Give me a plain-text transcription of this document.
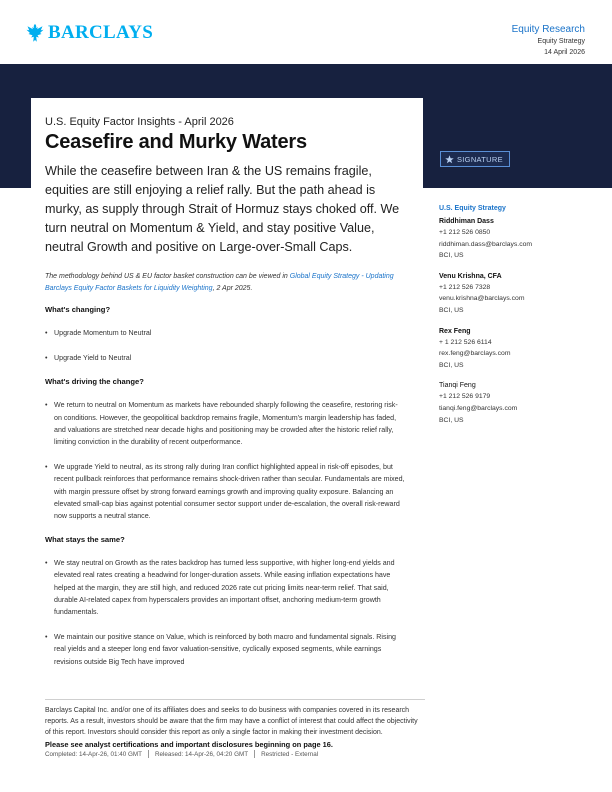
BARCLAYS	Equity Research
Equity Strategy
14 April 2026
U.S. Equity Factor Insights - April 2026
Ceasefire and Murky Waters
While the ceasefire between Iran & the US remains fragile, equities are still enjoying a relief rally. But the path ahead is murky, as supply through Strait of Hormuz stays choked off. We turn neutral on Momentum & Yield, and stay positive Value, neutral Growth and positive on Large-over-Small Caps.
SIGNATURE
U.S. Equity Strategy
Riddhiman Dass
+1 212 526 0850
riddhiman.dass@barclays.com
BCI, US
Venu Krishna, CFA
+1 212 526 7328
venu.krishna@barclays.com
BCI, US
Rex Feng
+ 1 212 526 6114
rex.feng@barclays.com
BCI, US
Tianqi Feng
+1 212 526 9179
tianqi.feng@barclays.com
BCI, US
The methodology behind US & EU factor basket construction can be viewed in Global Equity Strategy - Updating Barclays Equity Factor Baskets for Liquidity Weighting, 2 Apr 2025.
What's changing?
• Upgrade Momentum to Neutral
• Upgrade Yield to Neutral
What's driving the change?
• We return to neutral on Momentum as markets have rebounded sharply following the ceasefire, restoring risk-on conditions. However, the geopolitical backdrop remains fragile, Momentum's margin leadership has faded, and valuations are stretched near decade highs and positioning may be crowded after the historic relief rally, limiting conviction in the durability of recent outperformance.
• We upgrade Yield to neutral, as its strong rally during Iran conflict highlighted appeal in risk-off episodes, but recent pullback reinforces that performance remains shock-driven rather than secular. Fundamentals are mixed, with margin pressure offset by strong forward earnings growth and improving quality exposure. Balancing an elevated small-cap bias against potential consumer sector support under de-escalation, the overall risk-reward now supports a neutral stance.
What stays the same?
• We stay neutral on Growth as the rates backdrop has turned less supportive, with higher long-end yields and elevated real rates creating a headwind for longer-duration assets. While easing inflation expectations have helped at the margin, they are still high, and reduced 2026 rate cut pricing limits near-term relief. That said, durable AI-related capex from hyperscalers provides an important offset, anchoring medium-term growth fundamentals.
• We maintain our positive stance on Value, which is reinforced by both macro and fundamental signals. Rising real yields and a steeper long end favor valuation-sensitive, cyclically exposed segments, while earnings revisions outside Big Tech have improved
Barclays Capital Inc. and/or one of its affiliates does and seeks to do business with companies covered in its research reports. As a result, investors should be aware that the firm may have a conflict of interest that could affect the objectivity of this report. Investors should consider this report as only a single factor in making their investment decision.
Please see analyst certifications and important disclosures beginning on page 16.
Completed: 14-Apr-26, 01:40 GMT Released: 14-Apr-26, 04:20 GMT Restricted - External
